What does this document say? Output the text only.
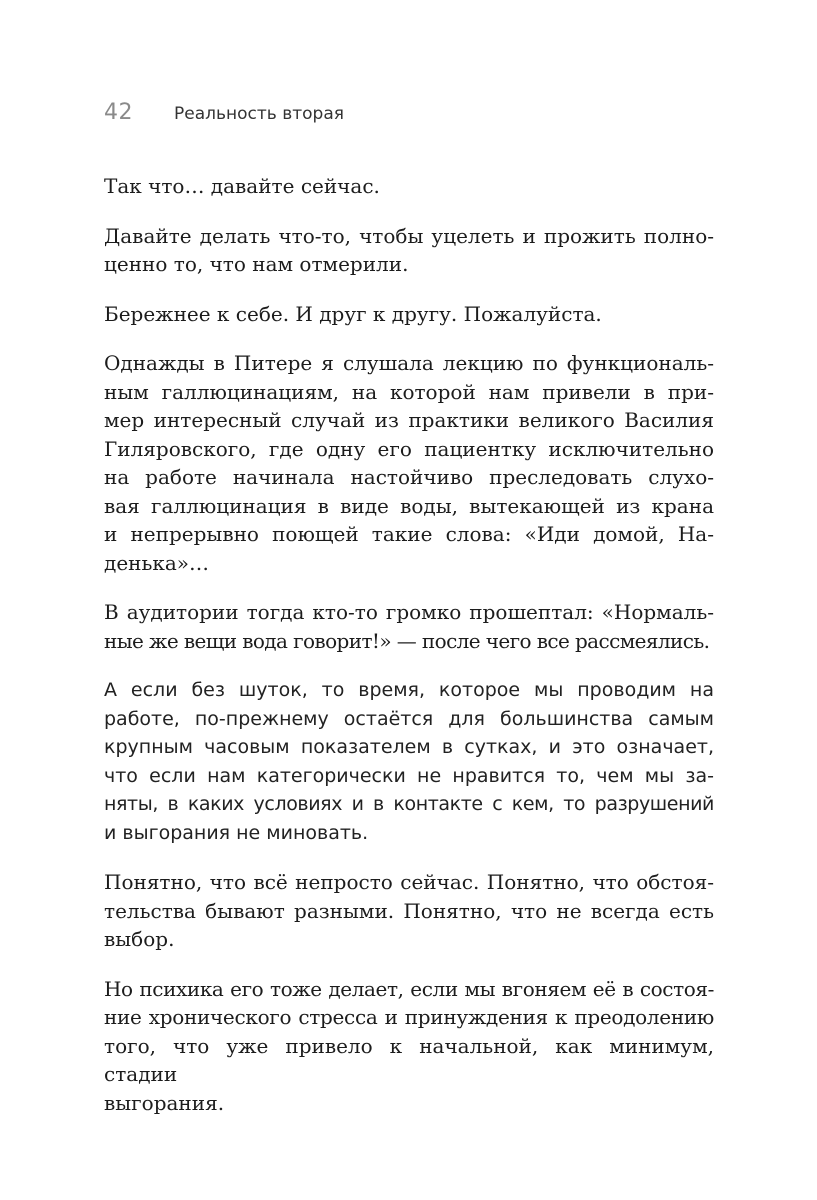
42	Реальность вторая

Так что… давайте сейчас.

Давайте делать что-то, чтобы уцелеть и прожить полно-
ценно то, что нам отмерили.

Бережнее к себе. И друг к другу. Пожалуйста.

Однажды в Питере я слушала лекцию по функциональ-
ным галлюцинациям, на которой нам привели в при-
мер интересный случай из практики великого Василия
Гиляровского, где одну его пациентку исключительно
на работе начинала настойчиво преследовать слухо-
вая галлюцинация в виде воды, вытекающей из крана
и непрерывно поющей такие слова: «Иди домой, На-
денька»…

В аудитории тогда кто-то громко прошептал: «Нормаль-
ные же вещи вода говорит!» — после чего все рассмеялись.

А если без шуток, то время, которое мы проводим на
работе, по-прежнему остаётся для большинства самым
крупным часовым показателем в сутках, и это означает,
что если нам категорически не нравится то, чем мы за-
няты, в каких условиях и в контакте с кем, то разрушений
и выгорания не миновать.

Понятно, что всё непросто сейчас. Понятно, что обстоя-
тельства бывают разными. Понятно, что не всегда есть
выбор.

Но психика его тоже делает, если мы вгоняем её в состоя-
ние хронического стресса и принуждения к преодолению
того, что уже привело к начальной, как минимум, стадии
выгорания.
